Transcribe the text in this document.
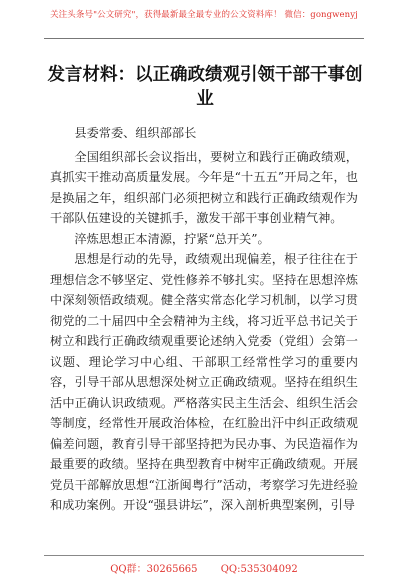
关注头条号"公文研究"，获得最新最全最专业的公文资料库！ 微信：gongwenyj
发言材料：以正确政绩观引领干部干事创业

县委常委、组织部部长

全国组织部长会议指出，要树立和践行正确政绩观，真抓实干推动高质量发展。今年是“十五五”开局之年，也是换届之年，组织部门必须把树立和践行正确政绩观作为干部队伍建设的关键抓手，激发干部干事创业精气神。

淬炼思想正本清源，拧紧“总开关”。

思想是行动的先导，政绩观出现偏差，根子往往在于理想信念不够坚定、党性修养不够扎实。坚持在思想淬炼中深刻领悟政绩观。健全落实常态化学习机制，以学习贯彻党的二十届四中全会精神为主线，将习近平总书记关于树立和践行正确政绩观重要论述纳入党委（党组）会第一议题、理论学习中心组、干部职工经常性学习的重要内容，引导干部从思想深处树立正确政绩观。坚持在组织生活中正确认识政绩观。严格落实民主生活会、组织生活会等制度，经常性开展政治体检，在红脸出汗中纠正政绩观偏差问题，教育引导干部坚持把为民办事、为民造福作为最重要的政绩。坚持在典型教育中树牢正确政绩观。开展党员干部解放思想“江浙闽粤行”活动，考察学习先进经验和成功案例。开设“强县讲坛”，深入剖析典型案例，引导

QQ群：30265665 QQ:535304092
